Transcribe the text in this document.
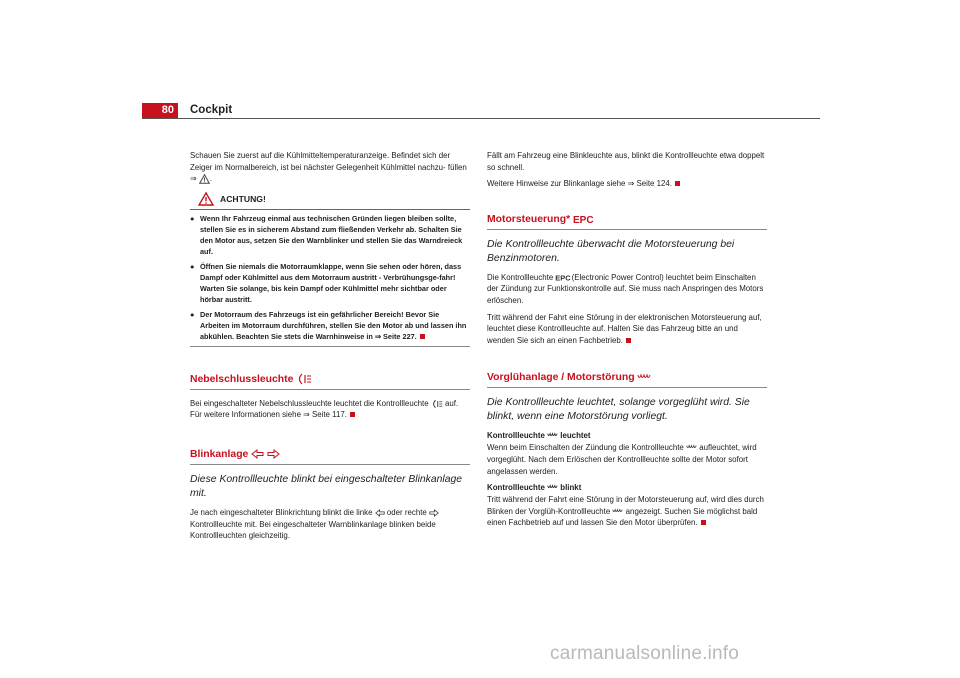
80	Cockpit

Schauen Sie zuerst auf die Kühlmitteltemperaturanzeige. Befindet sich der Zeiger im Normalbereich, ist bei nächster Gelegenheit Kühlmittel nachzu- füllen ⇒ .

ACHTUNG!
● Wenn Ihr Fahrzeug einmal aus technischen Gründen liegen bleiben sollte, stellen Sie es in sicherem Abstand zum fließenden Verkehr ab. Schalten Sie den Motor aus, setzen Sie den Warnblinker und stellen Sie das Warndreieck auf.
● Öffnen Sie niemals die Motorraumklappe, wenn Sie sehen oder hören, dass Dampf oder Kühlmittel aus dem Motorraum austritt - Verbrühungsge-fahr! Warten Sie solange, bis kein Dampf oder Kühlmittel mehr sichtbar oder hörbar austritt.
● Der Motorraum des Fahrzeugs ist ein gefährlicher Bereich! Bevor Sie Arbeiten im Motorraum durchführen, stellen Sie den Motor ab und lassen ihn abkühlen. Beachten Sie stets die Warnhinweise in ⇒ Seite 227.
Nebelschlussleuchte

Bei eingeschalteter Nebelschlussleuchte leuchtet die Kontrollleuchte auf. Für weitere Informationen siehe ⇒ Seite 117.

Blinkanlage

Diese Kontrollleuchte blinkt bei eingeschalteter Blinkanlage mit.

Je nach eingeschalteter Blinkrichtung blinkt die linke oder rechte  Kontrollleuchte mit. Bei eingeschalteter Warnblinkanlage blinken beide Kontrollleuchten gleichzeitig.

Fällt am Fahrzeug eine Blinkleuchte aus, blinkt die Kontrollleuchte etwa doppelt so schnell.

Weitere Hinweise zur Blinkanlage siehe ⇒ Seite 124.

Motorsteuerung* EPC

Die Kontrollleuchte überwacht die Motorsteuerung bei Benzinmotoren.

Die Kontrollleuchte EPC (Electronic Power Control) leuchtet beim Einschalten der Zündung zur Funktionskontrolle auf. Sie muss nach Anspringen des Motors erlöschen.

Tritt während der Fahrt eine Störung in der elektronischen Motorsteuerung auf, leuchtet diese Kontrollleuchte auf. Halten Sie das Fahrzeug bitte an und wenden Sie sich an einen Fachbetrieb.

Vorglühanlage / Motorstörung

Die Kontrollleuchte leuchtet, solange vorgeglüht wird. Sie blinkt, wenn eine Motorstörung vorliegt.

Kontrollleuchte leuchtet

Wenn beim Einschalten der Zündung die Kontrollleuchte aufleuchtet, wird vorgeglüht. Nach dem Erlöschen der Kontrollleuchte sollte der Motor sofort angelassen werden.

Kontrollleuchte blinkt

Tritt während der Fahrt eine Störung in der Motorsteuerung auf, wird dies durch Blinken der Vorglüh-Kontrollleuchte angezeigt. Suchen Sie möglichst bald einen Fachbetrieb auf und lassen Sie den Motor überprüfen.

carmanualsonline.info
